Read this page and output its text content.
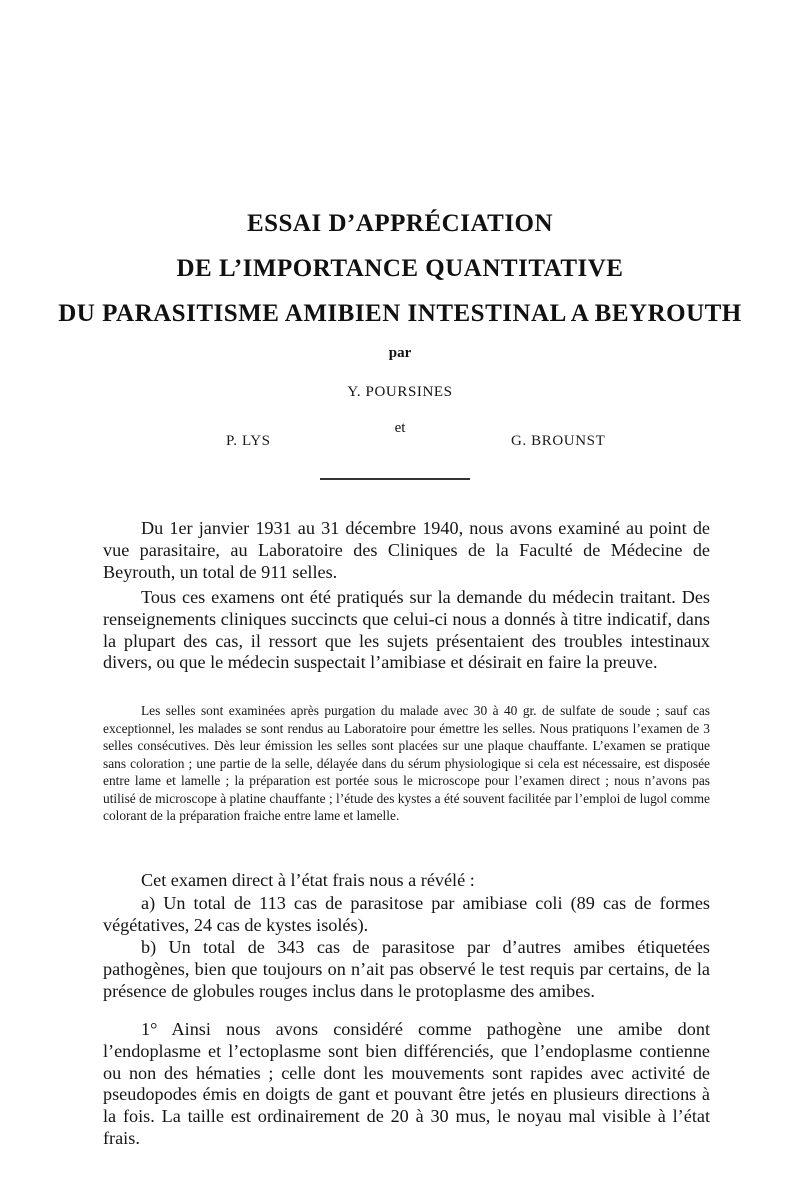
ESSAI D’APPRÉCIATION
DE L’IMPORTANCE QUANTITATIVE
DU PARASITISME AMIBIEN INTESTINAL A BEYROUTH
par
Y. POURSINES
et
P. LYS	G. BROUNST

Du 1er janvier 1931 au 31 décembre 1940, nous avons examiné au point de vue parasitaire, au Laboratoire des Cliniques de la Faculté de Médecine de Beyrouth, un total de 911 selles.

Tous ces examens ont été pratiqués sur la demande du médecin traitant. Des renseignements cliniques succincts que celui-ci nous a donnés à titre indicatif, dans la plupart des cas, il ressort que les sujets présentaient des troubles intestinaux divers, ou que le médecin suspectait l’amibiase et désirait en faire la preuve.

Les selles sont examinées après purgation du malade avec 30 à 40 gr. de sulfate de soude ; sauf cas exceptionnel, les malades se sont rendus au Laboratoire pour émettre les selles. Nous pratiquons l’examen de 3 selles consécutives. Dès leur émission les selles sont placées sur une plaque chauffante. L’examen se pratique sans coloration ; une partie de la selle, délayée dans du sérum physiologique si cela est nécessaire, est disposée entre lame et lamelle ; la préparation est portée sous le microscope pour l’examen direct ; nous n’avons pas utilisé de microscope à platine chauffante ; l’étude des kystes a été souvent facilitée par l’emploi de lugol comme colorant de la préparation fraiche entre lame et lamelle.

Cet examen direct à l’état frais nous a révélé :

a) Un total de 113 cas de parasitose par amibiase coli (89 cas de formes végétatives, 24 cas de kystes isolés).

b) Un total de 343 cas de parasitose par d’autres amibes étiquetées pathogènes, bien que toujours on n’ait pas observé le test requis par certains, de la présence de globules rouges inclus dans le protoplasme des amibes.

1° Ainsi nous avons considéré comme pathogène une amibe dont l’endoplasme et l’ectoplasme sont bien différenciés, que l’endoplasme contienne ou non des hématies ; celle dont les mouvements sont rapides avec activité de pseudopodes émis en doigts de gant et pouvant être jetés en plusieurs directions à la fois. La taille est ordinairement de 20 à 30 mus, le noyau mal visible à l’état frais.
